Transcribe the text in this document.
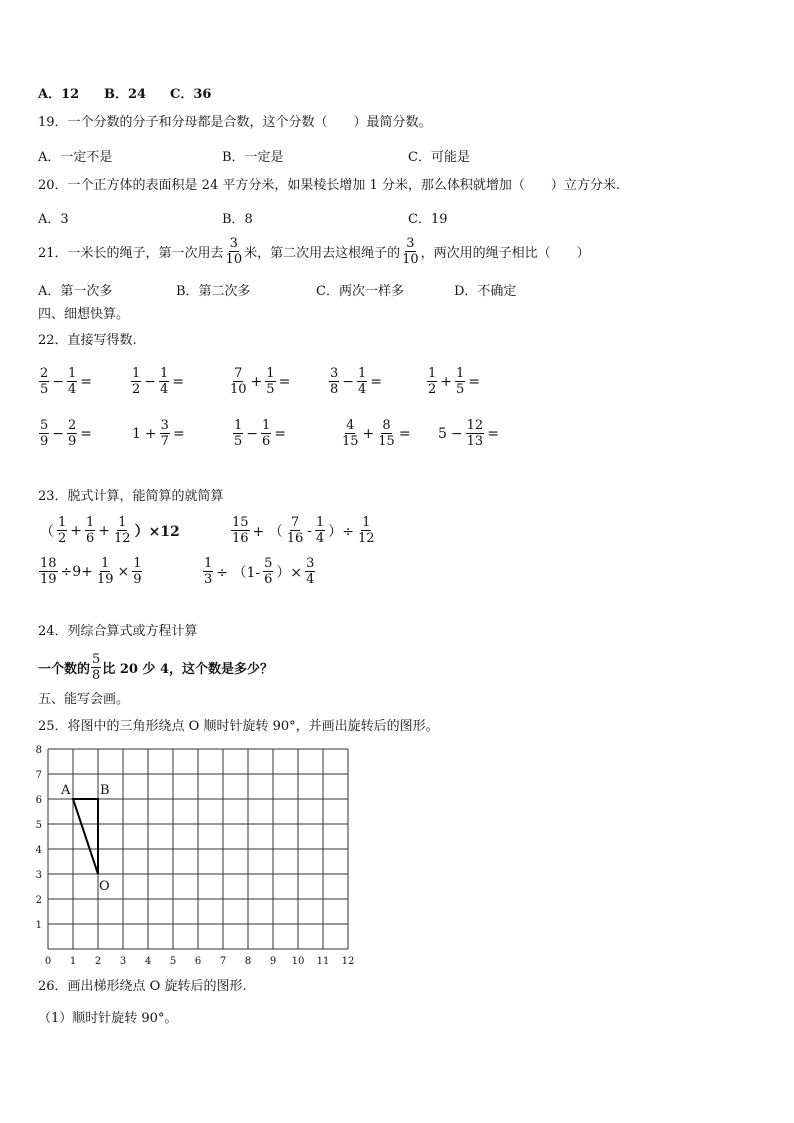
A．12 B．24 C．36
19．一个分数的分子和分母都是合数，这个分数（　　）最简分数。
A．一定不是	B．一定是	C．可能是
20．一个正方体的表面积是 24 平方分米，如果棱长增加 1 分米，那么体积就增加（　　）立方分米.
A．3	B．8	C．19
21．一米长的绳子，第一次用去 $\frac{3}{10}$ 米，第二次用去这根绳子的 $\frac{3}{10}$ ，两次用的绳子相比（　　）
A．第一次多	B．第二次多	C．两次一样多	D．不确定
四、细想快算。
22．直接写得数.
$\frac{2}{5} - \frac{1}{4}$ =	$\frac{1}{2} - \frac{1}{4}$ =	$\frac{7}{10} + \frac{1}{5}$ =	$\frac{3}{8} - \frac{1}{4}$ =	$\frac{1}{2} + \frac{1}{5}$ =
$\frac{5}{9} - \frac{2}{9}$ =	$1 + \frac{3}{7}$ =	$\frac{1}{5} - \frac{1}{6}$ =	$\frac{4}{15} + \frac{8}{15} = 5 - \frac{12}{13}$ =
23．脱式计算，能简算的就简算
（ $\frac{1}{2} + \frac{1}{6} + \frac{1}{12} )\times 12$	$\frac{15}{16}$ + （ $\frac{7}{16} - \frac{1}{4}$ ）÷ $\frac{1}{12}$
$\frac{18}{19} \div 9+ \frac{1}{19} \times \frac{1}{9}$	$\frac{1}{3} \div (1- \frac{5}{6}$ ）× $\frac{3}{4}$
24．列综合算式或方程计算
一个数的 $\frac{5}{8}$ 比 20 少 4，这个数是多少？
五、能写会画。
25．将图中的三角形绕点 O 顺时针旋转 90°，并画出旋转后的图形。
0 1 2 3 4 5 6 7 8 9 10 11 12
1
2
3
4
5
6
7
8
A B
O
26．画出梯形绕点 O 旋转后的图形.
（1）顺时针旋转 90°。
